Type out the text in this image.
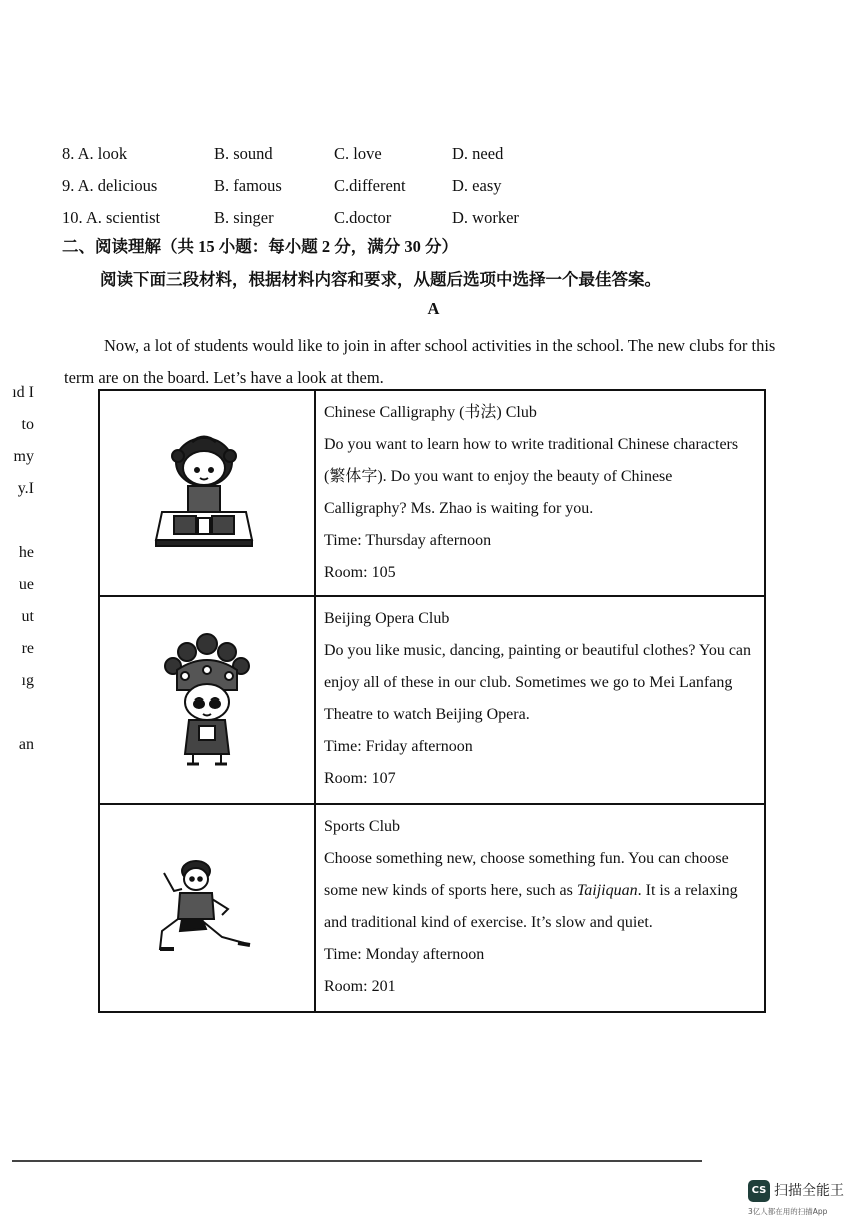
8. A. look	B. sound	C. love	D. need
9. A. delicious	B. famous	C.different	D. easy
10. A. scientist	B. singer	C.doctor	D. worker
二、阅读理解（共 15 小题：每小题 2 分，满分 30 分）
阅读下面三段材料，根据材料内容和要求，从题后选项中选择一个最佳答案。
A
Now, a lot of students would like to join in after school activities in the school. The new clubs for this term are on the board. Let’s have a look at them.
ıd I
to
my
y.I
he
ue
ut
re
ıg
an

Chinese Calligraphy (书法) Club
Do you want to learn how to write traditional Chinese characters (繁体字). Do you want to enjoy the beauty of Chinese Calligraphy? Ms. Zhao is waiting for you.
Time: Thursday afternoon
Room: 105

Beijing Opera Club
Do you like music, dancing, painting or beautiful clothes? You can enjoy all of these in our club. Sometimes we go to Mei Lanfang Theatre to watch Beijing Opera.
Time: Friday afternoon
Room: 107

Sports Club
Choose something new, choose something fun. You can choose some new kinds of sports here, such as Taijiquan. It is a relaxing and traditional kind of exercise. It’s slow and quiet.
Time: Monday afternoon
Room: 201
CS 扫描全能王
3亿人都在用的扫描App
